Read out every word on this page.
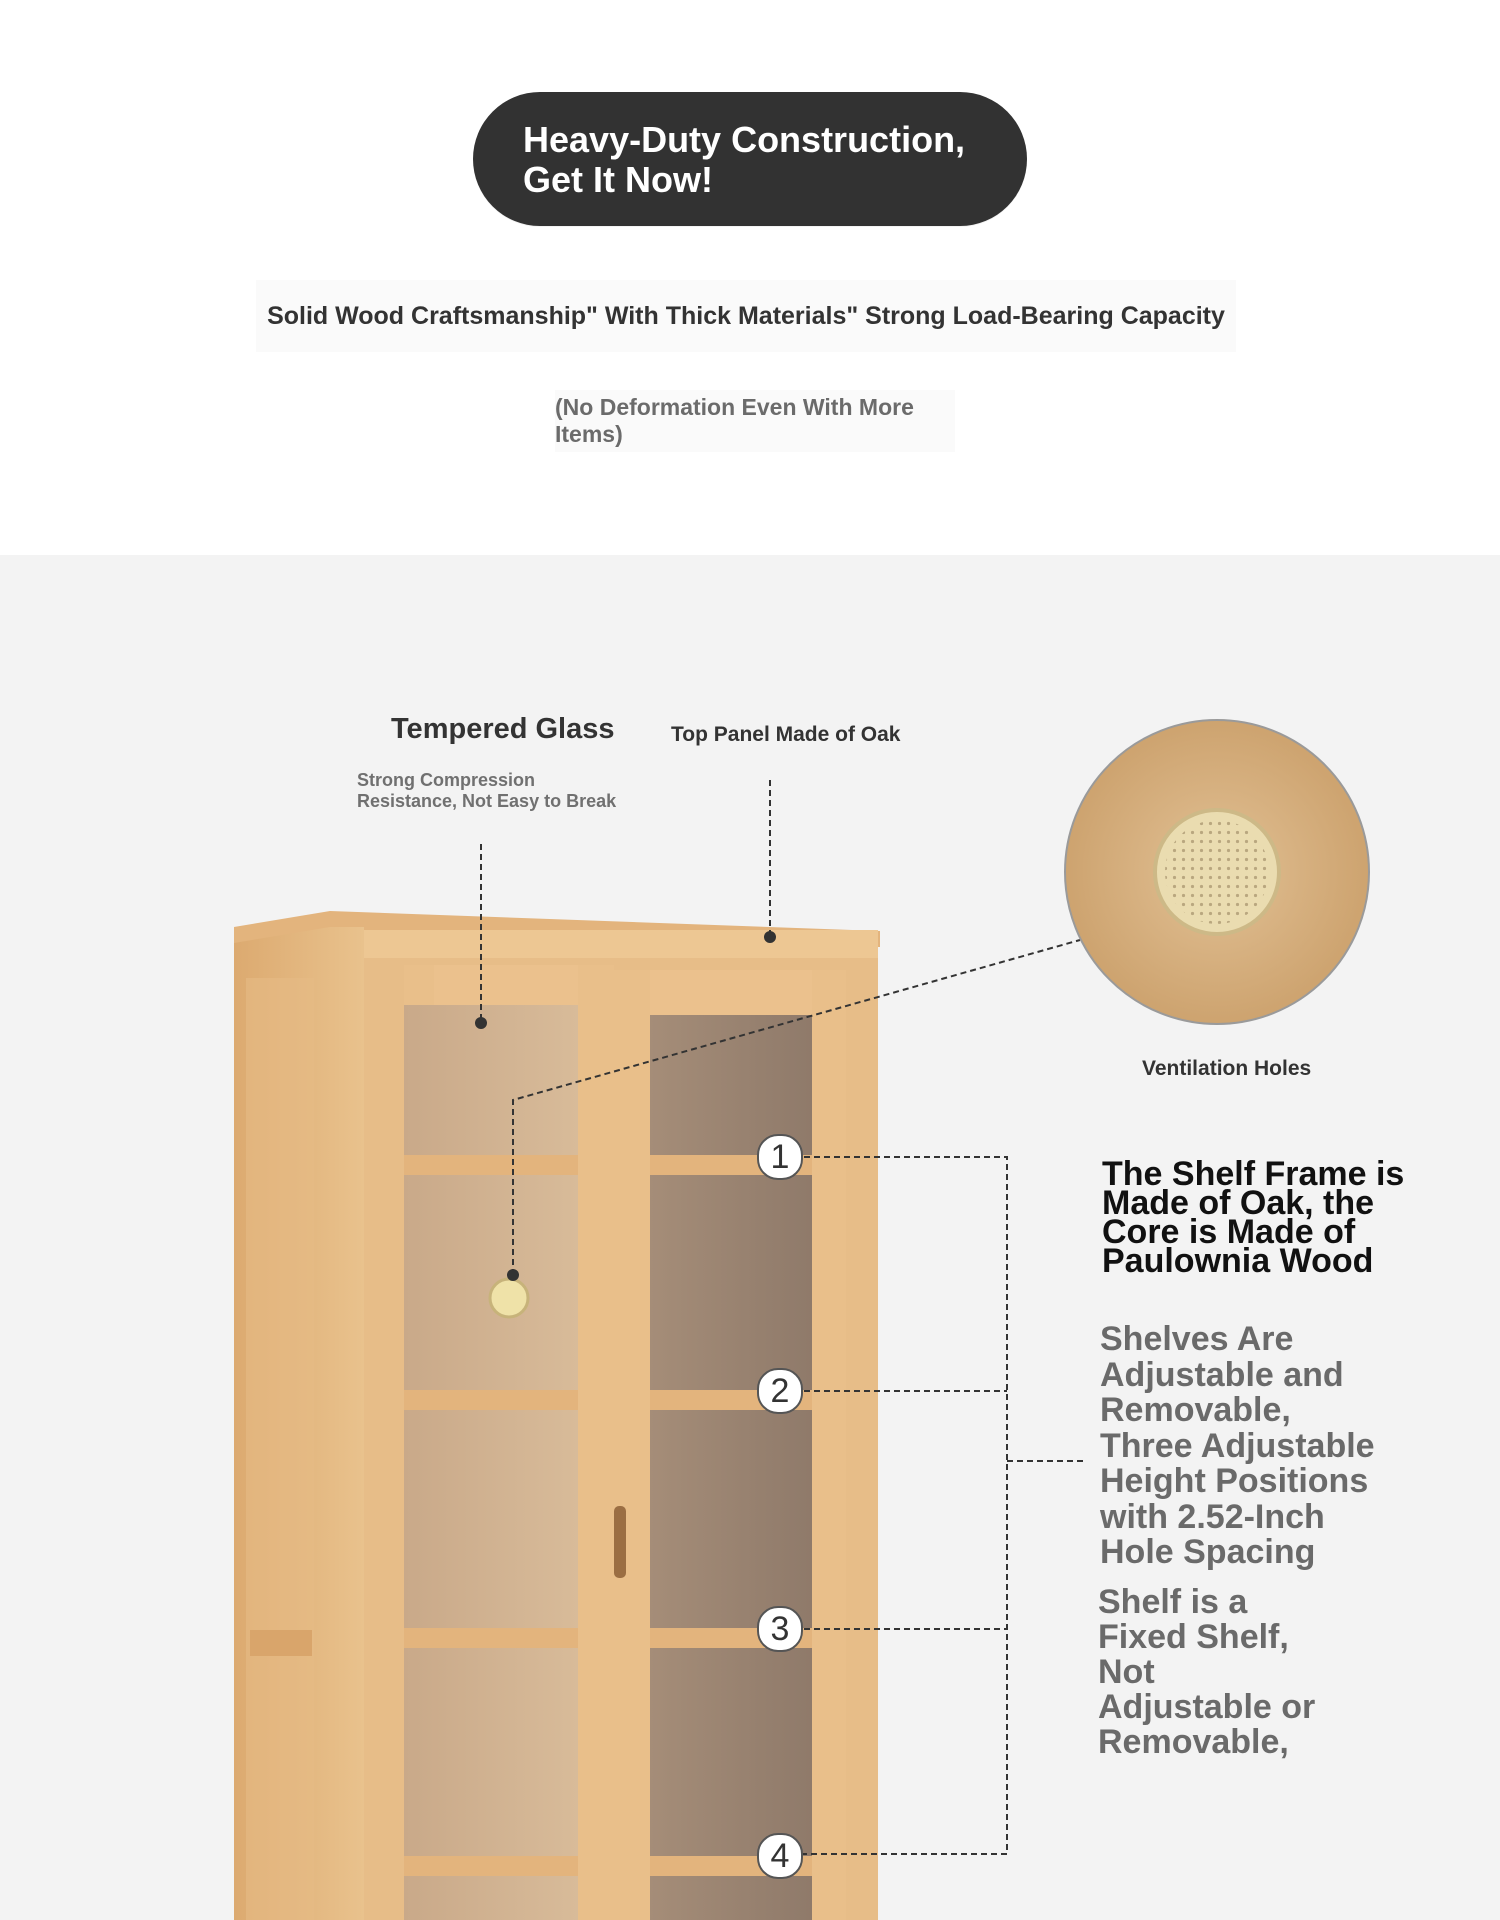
Heavy-Duty Construction,
Get It Now!
Solid Wood Craftsmanship" With Thick Materials" Strong Load-Bearing Capacity
(No Deformation Even With More Items)
1
2
3
4
Tempered Glass
Strong Compression
Resistance, Not Easy to Break
Top Panel Made of Oak
Ventilation Holes
The Shelf Frame is
Made of Oak, the
Core is Made of
Paulownia Wood
Shelves Are
Adjustable and
Removable,
Three Adjustable
Height Positions
with 2.52-Inch
Hole Spacing
Shelf is a
Fixed Shelf,
Not
Adjustable or
Removable,
